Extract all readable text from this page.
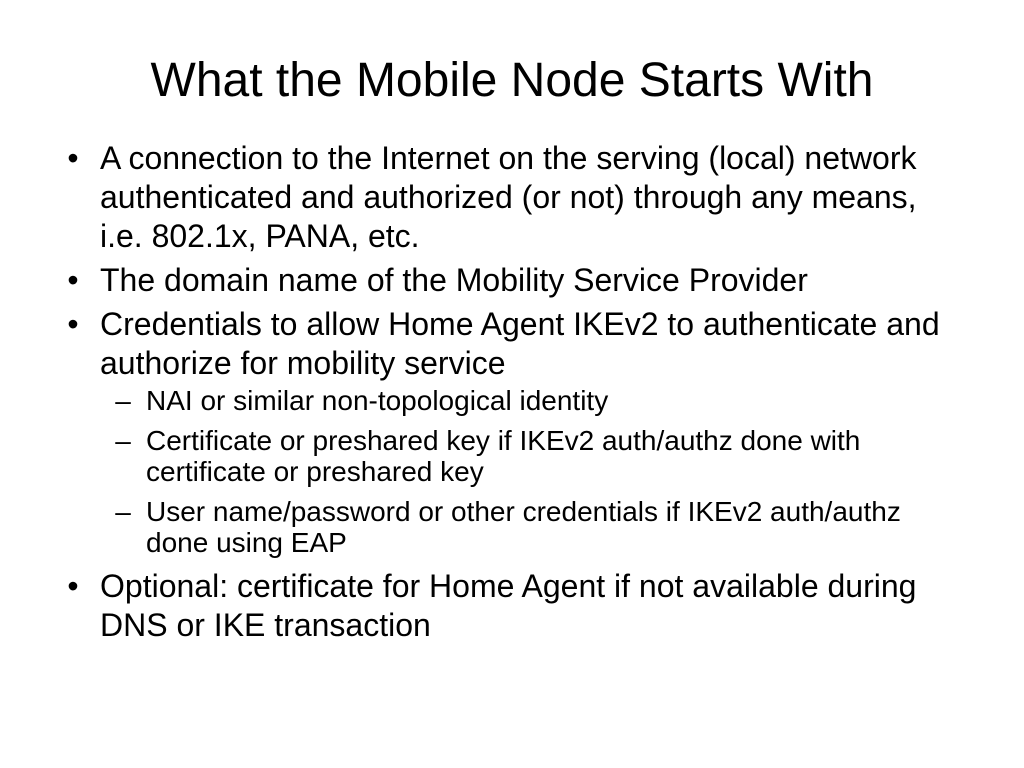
What the Mobile Node Starts With
• A connection to the Internet on the serving (local) network authenticated and authorized (or not) through any means, i.e. 802.1x, PANA, etc.
• The domain name of the Mobility Service Provider
• Credentials to allow Home Agent IKEv2 to authenticate and authorize for mobility service
– NAI or similar non-topological identity
– Certificate or preshared key if IKEv2 auth/authz done with certificate or preshared key
– User name/password or other credentials if IKEv2 auth/authz done using EAP
• Optional: certificate for Home Agent if not available during DNS or IKE transaction
